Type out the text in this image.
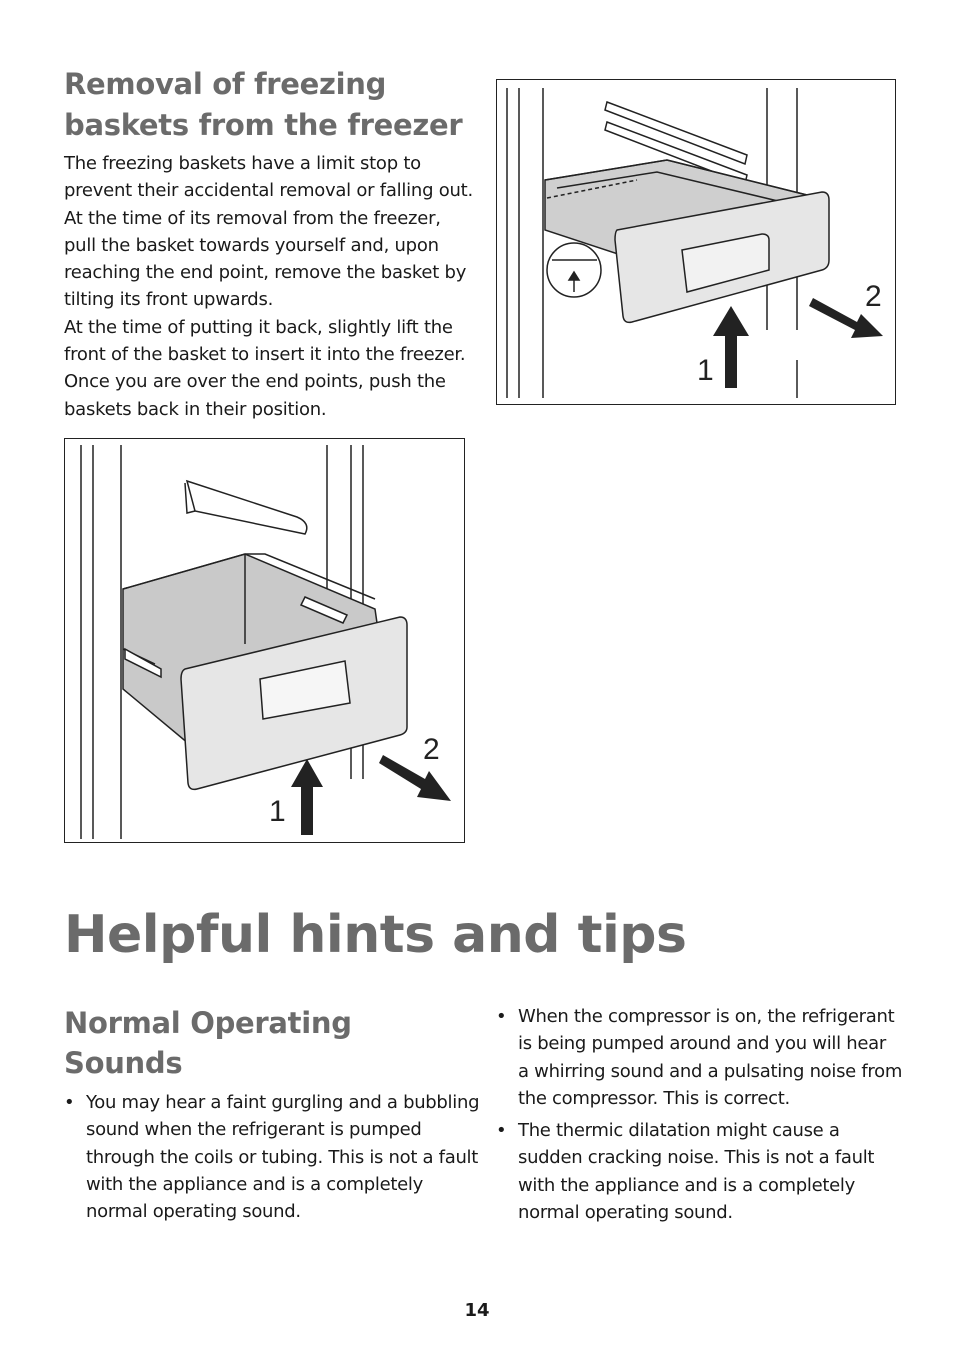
Removal of freezing
baskets from the freezer

The freezing baskets have a limit stop to

prevent their accidental removal or falling out.

At the time of its removal from the freezer,

pull the basket towards yourself and, upon

reaching the end point, remove the basket by

tilting its front upwards.

At the time of putting it back, slightly lift the

front of the basket to insert it into the freezer.

Once you are over the end points, push the

baskets back in their position.

1
2
1
2
Helpful hints and tips
Normal Operating
Sounds
• You may hear a faint gurgling and a bubbling
sound when the refrigerant is pumped
through the coils or tubing. This is not a fault
with the appliance and is a completely
normal operating sound.
• When the compressor is on, the refrigerant
is being pumped around and you will hear
a whirring sound and a pulsating noise from
the compressor. This is correct.
• The thermic dilatation might cause a
sudden cracking noise. This is not a fault
with the appliance and is a completely
normal operating sound.
14
